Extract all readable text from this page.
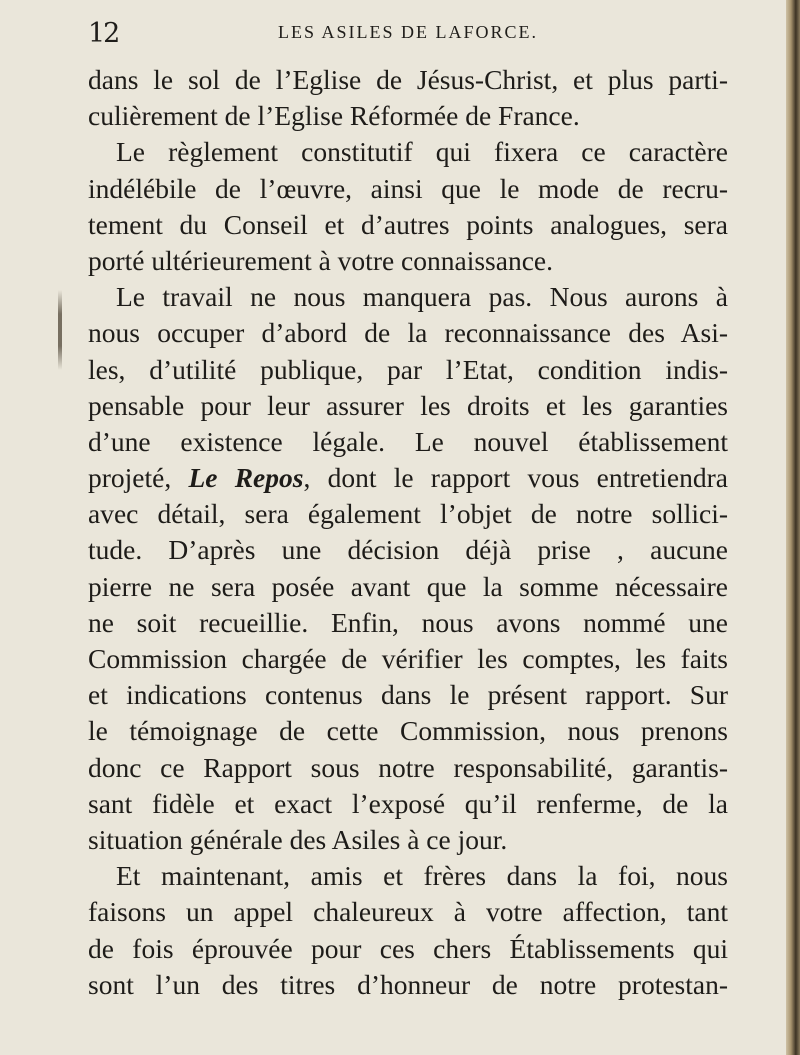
12	LES ASILES DE LAFORCE.
dans le sol de l’Eglise de Jésus-Christ, et plus parti-
culièrement de l’Eglise Réformée de France.
Le règlement constitutif qui fixera ce caractère
indélébile de l’œuvre, ainsi que le mode de recru-
tement du Conseil et d’autres points analogues, sera
porté ultérieurement à votre connaissance.
Le travail ne nous manquera pas. Nous aurons à
nous occuper d’abord de la reconnaissance des Asi-
les, d’utilité publique, par l’Etat, condition indis-
pensable pour leur assurer les droits et les garanties
d’une existence légale. Le nouvel établissement
projeté, Le Repos, dont le rapport vous entretiendra
avec détail, sera également l’objet de notre sollici-
tude. D’après une décision déjà prise , aucune
pierre ne sera posée avant que la somme nécessaire
ne soit recueillie. Enfin, nous avons nommé une
Commission chargée de vérifier les comptes, les faits
et indications contenus dans le présent rapport. Sur
le témoignage de cette Commission, nous prenons
donc ce Rapport sous notre responsabilité, garantis-
sant fidèle et exact l’exposé qu’il renferme, de la
situation générale des Asiles à ce jour.
Et maintenant, amis et frères dans la foi, nous
faisons un appel chaleureux à votre affection, tant
de fois éprouvée pour ces chers Établissements qui
sont l’un des titres d’honneur de notre protestan-
